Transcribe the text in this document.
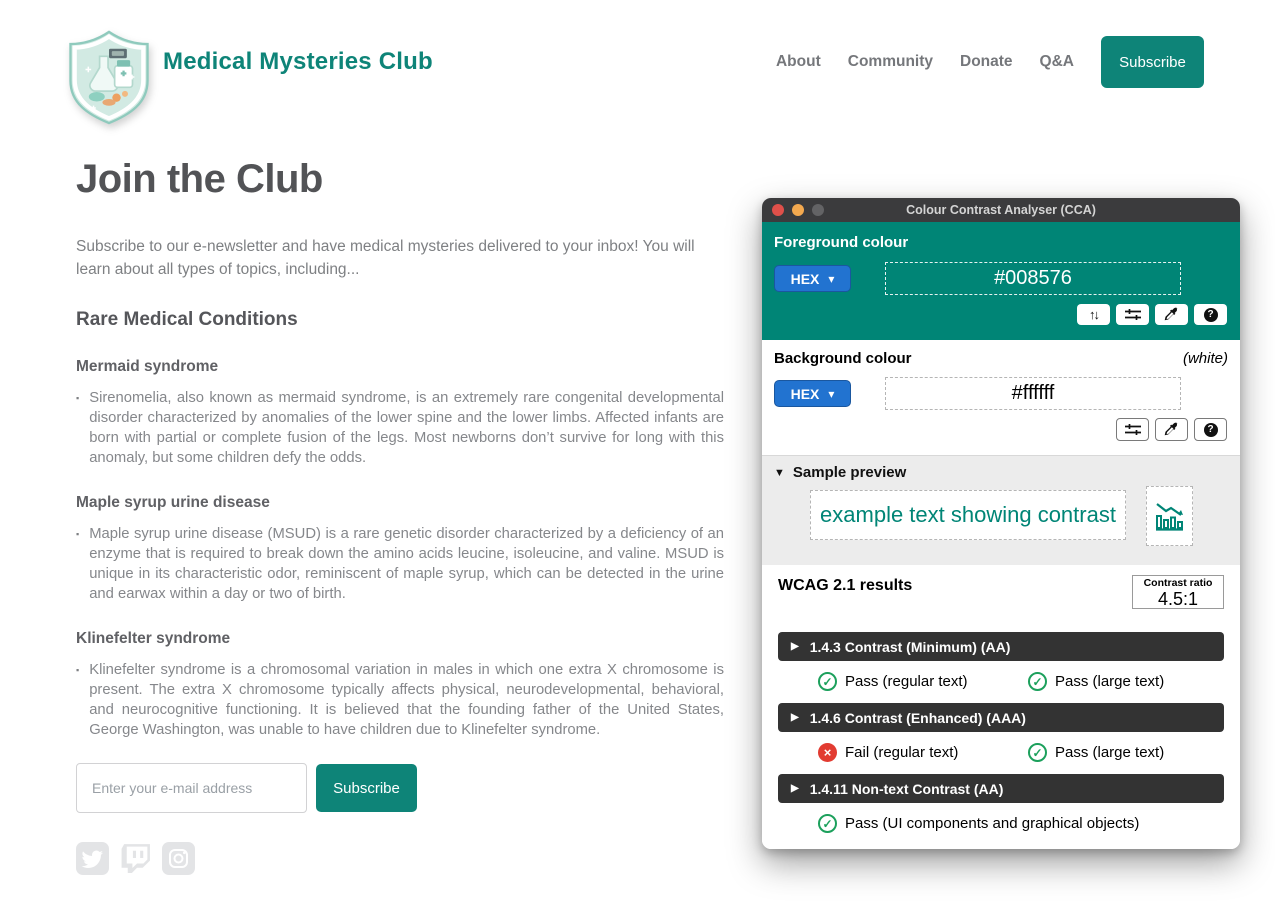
Medical Mysteries Club	About Community Donate Q&A	Subscribe
Join the Club

Subscribe to our e-newsletter and have medical mysteries delivered to your inbox! You will learn about all types of topics, including...

Rare Medical Conditions
Mermaid syndrome
▪ Sirenomelia, also known as mermaid syndrome, is an extremely rare congenital developmental disorder characterized by anomalies of the lower spine and the lower limbs. Affected infants are born with partial or complete fusion of the legs. Most newborns don’t survive for long with this anomaly, but some children defy the odds.

Maple syrup urine disease
▪ Maple syrup urine disease (MSUD) is a rare genetic disorder characterized by a deficiency of an enzyme that is required to break down the amino acids leucine, isoleucine, and valine. MSUD is unique in its characteristic odor, reminiscent of maple syrup, which can be detected in the urine and earwax within a day or two of birth.

Klinefelter syndrome
▪ Klinefelter syndrome is a chromosomal variation in males in which one extra X chromosome is present. The extra X chromosome typically affects physical, neurodevelopmental, behavioral, and neurocognitive functioning. It is believed that the founding father of the United States, George Washington, was unable to have children due to Klinefelter syndrome.

Enter your e-mail address
Subscribe
Colour Contrast Analyser (CCA)
Foreground colour
HEX ▾
#008576
↑↓	?
Background colour	(white)
HEX ▾
#ffffff
?
▼ Sample preview
example text showing contrast
WCAG 2.1 results	Contrast ratio
4.5:1
▶ 1.4.3 Contrast (Minimum) (AA)
✓ Pass (regular text)	✓ Pass (large text)
▶ 1.4.6 Contrast (Enhanced) (AAA)
× Fail (regular text)	✓ Pass (large text)
▶ 1.4.11 Non-text Contrast (AA)
✓ Pass (UI components and graphical objects)
